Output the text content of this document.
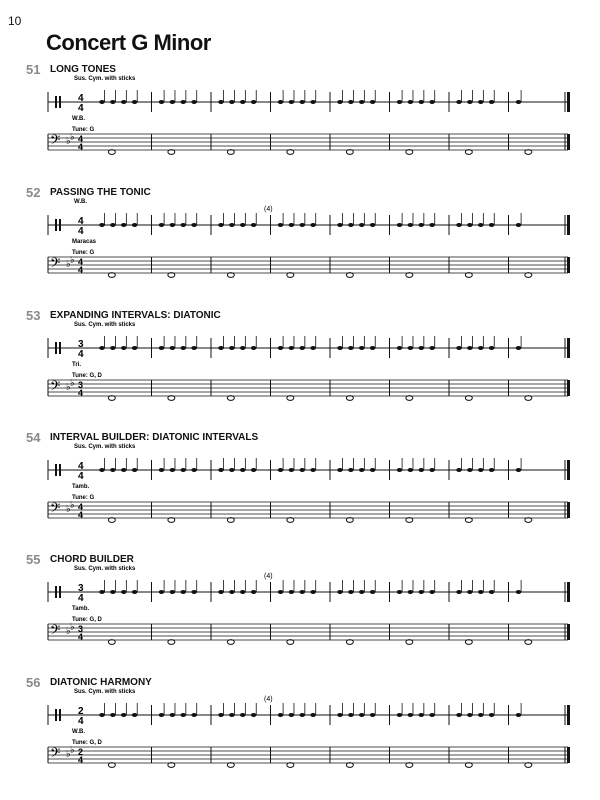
10
Concert G Minor
51 LONG TONES
Sus. Cym. with sticks
4
4
W.B.
Tune: G
𝄢 ♭ ♭ 4
4
52 PASSING THE TONIC
W.B.
4
4
Maracas
Tune: G
𝄢 ♭ ♭ 4
4
(4)
53 EXPANDING INTERVALS: DIATONIC
Sus. Cym. with sticks
3
4
Tri.
Tune: G, D
𝄢 ♭ ♭ 3
4
54 INTERVAL BUILDER: DIATONIC INTERVALS
Sus. Cym. with sticks
4
4
Tamb.
Tune: G
𝄢 ♭ ♭ 4
4
55 CHORD BUILDER
Sus. Cym. with sticks
3
4
Tamb.
Tune: G, D
𝄢 ♭ ♭ 3
4
(4)
56 DIATONIC HARMONY
Sus. Cym. with sticks
2
4
W.B.
Tune: G, D
𝄢 ♭ ♭ 2
4
(4)
